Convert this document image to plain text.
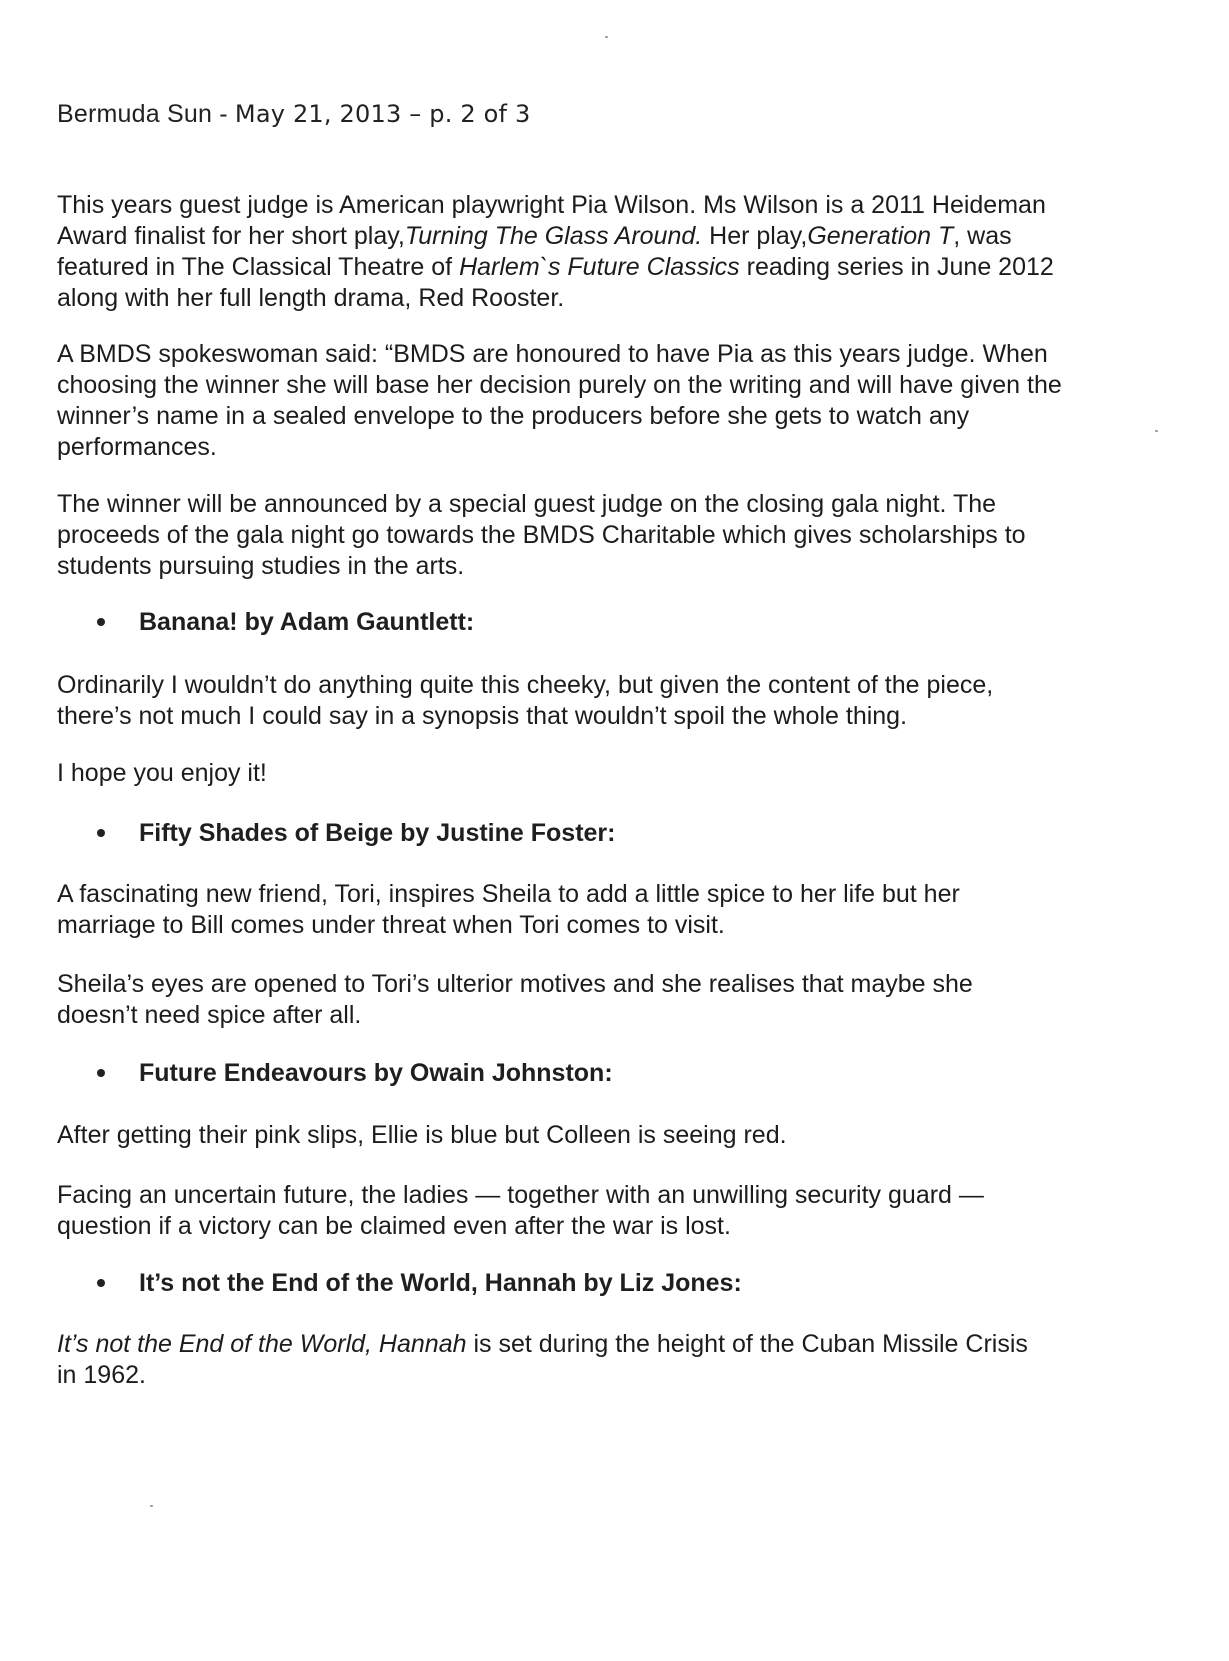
Bermuda Sun - May 21, 2013 – p. 2 of 3

This years guest judge is American playwright Pia Wilson. Ms Wilson is a 2011 Heideman Award finalist for her short play,Turning The Glass Around. Her play,Generation T, was featured in The Classical Theatre of Harlem`s Future Classics reading series in June 2012 along with her full length drama, Red Rooster.

A BMDS spokeswoman said: “BMDS are honoured to have Pia as this years judge. When choosing the winner she will base her decision purely on the writing and will have given the winner’s name in a sealed envelope to the producers before she gets to watch any performances.

The winner will be announced by a special guest judge on the closing gala night. The proceeds of the gala night go towards the BMDS Charitable which gives scholarships to students pursuing studies in the arts.

Banana! by Adam Gauntlett:

Ordinarily I wouldn’t do anything quite this cheeky, but given the content of the piece, there’s not much I could say in a synopsis that wouldn’t spoil the whole thing.

I hope you enjoy it!

Fifty Shades of Beige by Justine Foster:

A fascinating new friend, Tori, inspires Sheila to add a little spice to her life but her marriage to Bill comes under threat when Tori comes to visit.

Sheila’s eyes are opened to Tori’s ulterior motives and she realises that maybe she doesn’t need spice after all.

Future Endeavours by Owain Johnston:

After getting their pink slips, Ellie is blue but Colleen is seeing red.

Facing an uncertain future, the ladies — together with an unwilling security guard — question if a victory can be claimed even after the war is lost.

It’s not the End of the World, Hannah by Liz Jones:

It’s not the End of the World, Hannah is set during the height of the Cuban Missile Crisis in 1962.
